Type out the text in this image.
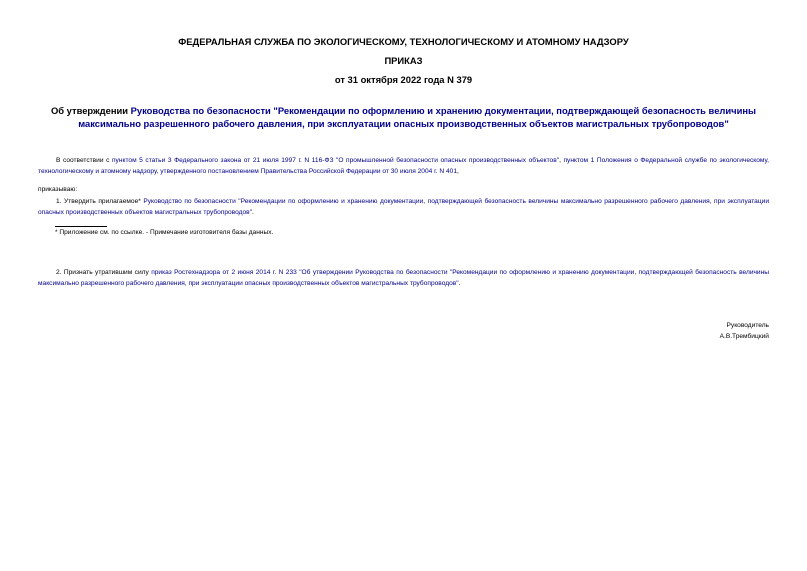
ФЕДЕРАЛЬНАЯ СЛУЖБА ПО ЭКОЛОГИЧЕСКОМУ, ТЕХНОЛОГИЧЕСКОМУ И АТОМНОМУ НАДЗОРУ
ПРИКАЗ
от 31 октября 2022 года N 379
Об утверждении Руководства по безопасности "Рекомендации по оформлению и хранению документации, подтверждающей безопасность величины максимально разрешенного рабочего давления, при эксплуатации опасных производственных объектов магистральных трубопроводов"
В соответствии с пунктом 5 статьи 3 Федерального закона от 21 июля 1997 г. N 116-ФЗ "О промышленной безопасности опасных производственных объектов", пунктом 1 Положения о Федеральной службе по экологическому, технологическому и атомному надзору, утвержденного постановлением Правительства Российской Федерации от 30 июля 2004 г. N 401,
приказываю:
1. Утвердить прилагаемое* Руководство по безопасности "Рекомендации по оформлению и хранению документации, подтверждающей безопасность величины максимально разрешенного рабочего давления, при эксплуатации опасных производственных объектов магистральных трубопроводов".
* Приложение см. по ссылке. - Примечание изготовителя базы данных.
2. Признать утратившим силу приказ Ростехнадзора от 2 июня 2014 г. N 233 "Об утверждении Руководства по безопасности "Рекомендации по оформлению и хранению документации, подтверждающей безопасность величины максимально разрешенного рабочего давления, при эксплуатации опасных производственных объектов магистральных трубопроводов".
Руководитель
А.В.Трембицкий
